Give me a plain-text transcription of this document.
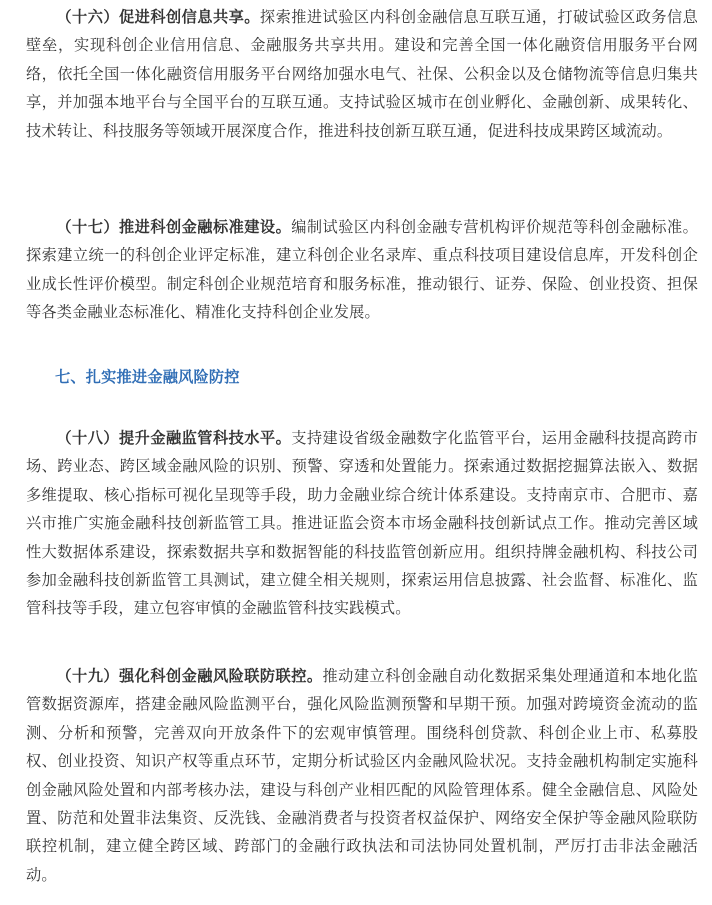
（十六）促进科创信息共享。探索推进试验区内科创金融信息互联互通，打破试验区政务信息壁垒，实现科创企业信用信息、金融服务共享共用。建设和完善全国一体化融资信用服务平台网络，依托全国一体化融资信用服务平台网络加强水电气、社保、公积金以及仓储物流等信息归集共享，并加强本地平台与全国平台的互联互通。支持试验区城市在创业孵化、金融创新、成果转化、技术转让、科技服务等领域开展深度合作，推进科技创新互联互通，促进科技成果跨区域流动。

（十七）推进科创金融标准建设。编制试验区内科创金融专营机构评价规范等科创金融标准。探索建立统一的科创企业评定标准，建立科创企业名录库、重点科技项目建设信息库，开发科创企业成长性评价模型。制定科创企业规范培育和服务标准，推动银行、证券、保险、创业投资、担保等各类金融业态标准化、精准化支持科创企业发展。

七、扎实推进金融风险防控

（十八）提升金融监管科技水平。支持建设省级金融数字化监管平台，运用金融科技提高跨市场、跨业态、跨区域金融风险的识别、预警、穿透和处置能力。探索通过数据挖掘算法嵌入、数据多维提取、核心指标可视化呈现等手段，助力金融业综合统计体系建设。支持南京市、合肥市、嘉兴市推广实施金融科技创新监管工具。推进证监会资本市场金融科技创新试点工作。推动完善区域性大数据体系建设，探索数据共享和数据智能的科技监管创新应用。组织持牌金融机构、科技公司参加金融科技创新监管工具测试，建立健全相关规则，探索运用信息披露、社会监督、标准化、监管科技等手段，建立包容审慎的金融监管科技实践模式。

（十九）强化科创金融风险联防联控。推动建立科创金融自动化数据采集处理通道和本地化监管数据资源库，搭建金融风险监测平台，强化风险监测预警和早期干预。加强对跨境资金流动的监测、分析和预警，完善双向开放条件下的宏观审慎管理。围绕科创贷款、科创企业上市、私募股权、创业投资、知识产权等重点环节，定期分析试验区内金融风险状况。支持金融机构制定实施科创金融风险处置和内部考核办法，建设与科创产业相匹配的风险管理体系。健全金融信息、风险处置、防范和处置非法集资、反洗钱、金融消费者与投资者权益保护、网络安全保护等金融风险联防联控机制，建立健全跨区域、跨部门的金融行政执法和司法协同处置机制，严厉打击非法金融活动。
